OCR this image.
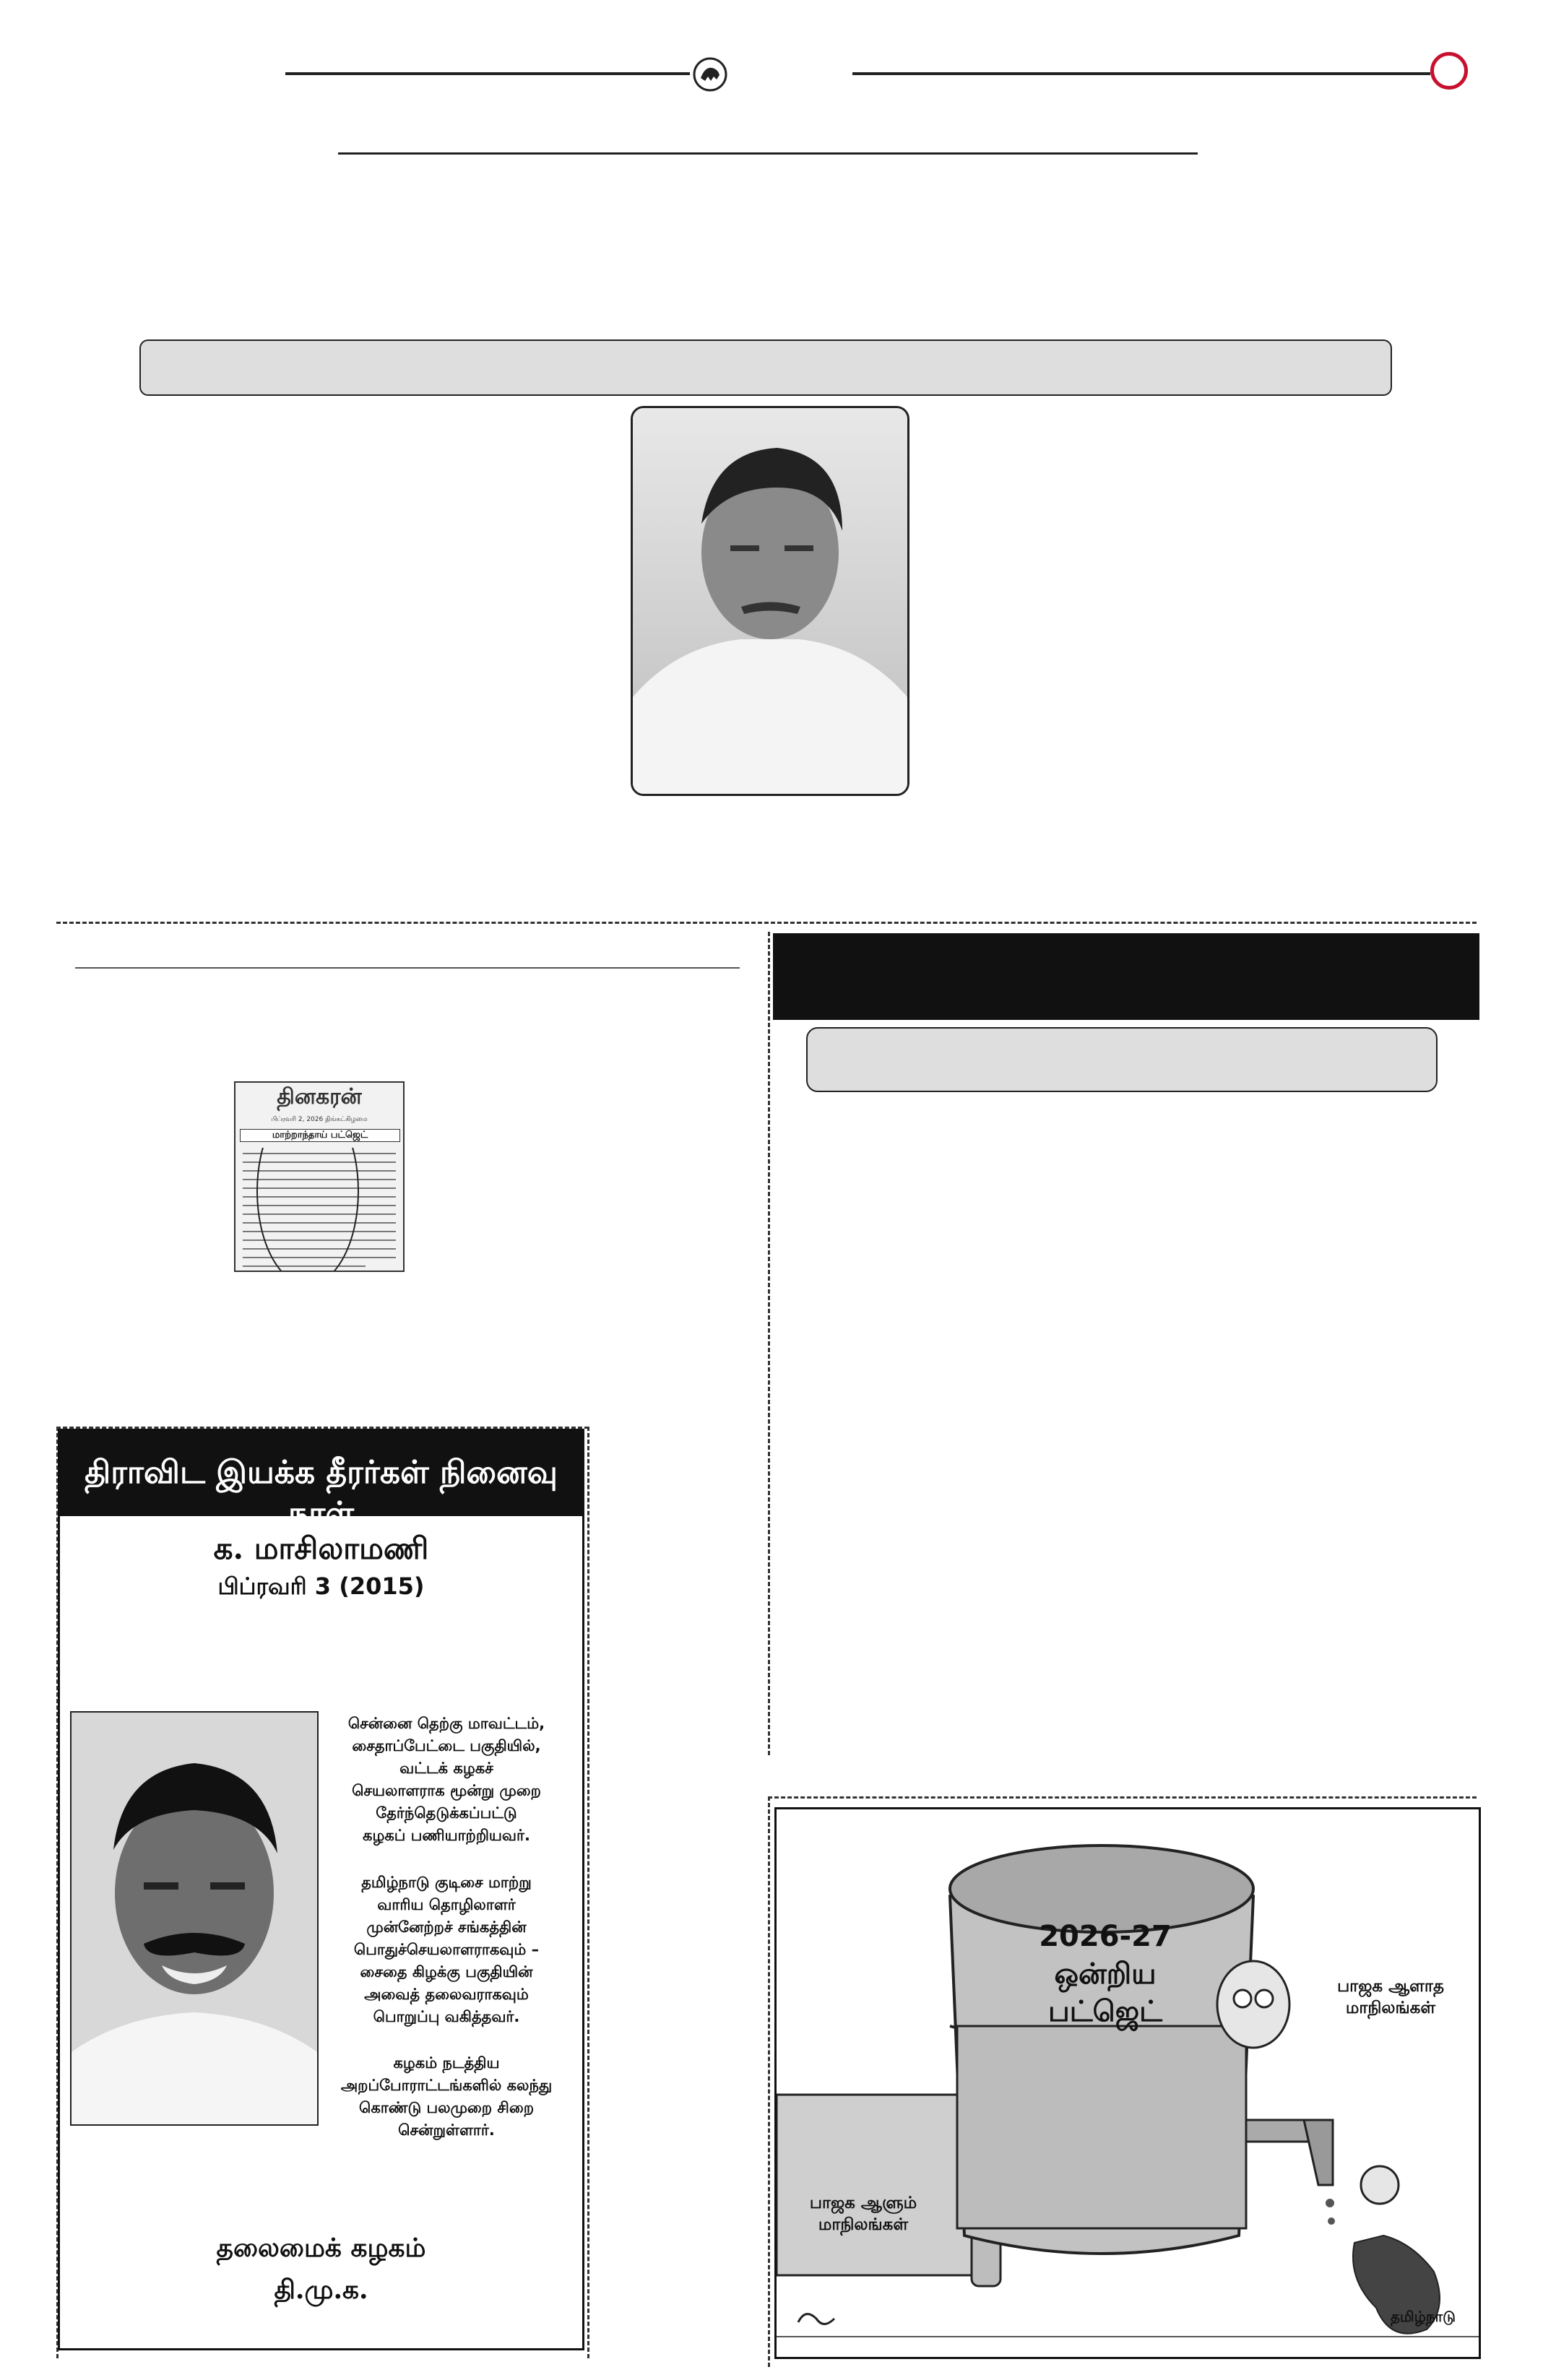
தினகரன்
பிப்ரவரி 2, 2026 திங்கட்கிழமை
மாற்றாந்தாய் பட்ஜெட்
திராவிட இயக்க தீரர்கள் நினைவு நாள்
க. மாசிலாமணி
பிப்ரவரி 3 (2015)
சென்னை தெற்கு மாவட்டம்,
சைதாப்பேட்டை பகுதியில்,
வட்டக் கழகச்
செயலாளராக மூன்று முறை
தேர்ந்தெடுக்கப்பட்டு
கழகப் பணியாற்றியவர்.
தமிழ்நாடு குடிசை மாற்று
வாரிய தொழிலாளர்
முன்னேற்றச் சங்கத்தின்
பொதுச்செயலாளராகவும் –
சைதை கிழக்கு பகுதியின்
அவைத் தலைவராகவும்
பொறுப்பு வகித்தவர்.
கழகம் நடத்திய
அறப்போராட்டங்களில் கலந்து
கொண்டு பலமுறை சிறை
சென்றுள்ளார்.
தலைமைக் கழகம்
தி.மு.க.
2026-27
ஒன்றிய
பட்ஜெட்
பாஜக ஆளாத
மாநிலங்கள்
பாஜக ஆளும்
மாநிலங்கள்
தமிழ்நாடு
